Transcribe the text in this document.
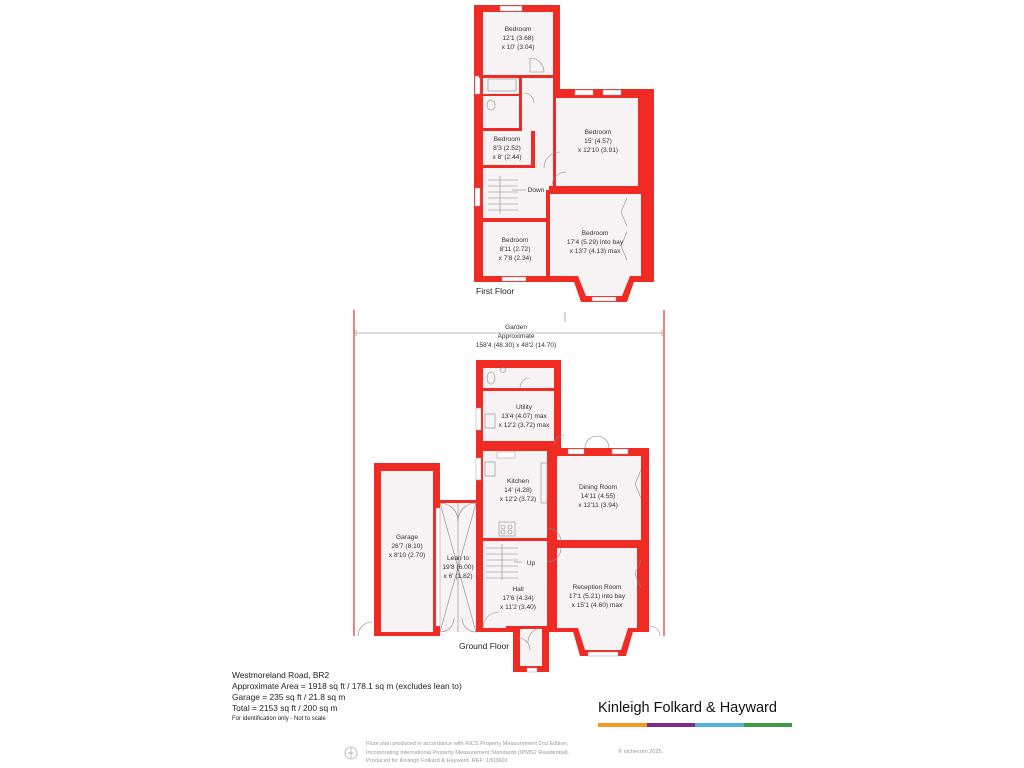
Bedroom
12'1 (3.68)
x 10' (3.04)
Bedroom
15' (4.57)
x 12'10 (3.91)
Bedroom
8'3 (2.52)
x 8' (2.44)
Down
Bedroom
17'4 (5.29) into bay
x 13'7 (4.13) max
Bedroom
8'11 (2.72)
x 7'8 (2.34)
First Floor
Garden
Approximate
158'4 (48.30) x 48'2 (14.70)
Utility
13'4 (4.07) max
x 12'2 (3.72) max
Kitchen
14' (4.28)
x 12'2 (3.72)
Dining Room
14'11 (4.55)
x 12'11 (3.94)
Garage
26'7 (8.10)
x 8'10 (2.70)	Lean to
19'8 (6.00)
x 6' (1.82)
Up
Hall
17'6 (4.34)
x 11'2 (3.40)
Reception Room
17'1 (5.21) into bay
x 15'1 (4.60) max
Ground Floor
Westmoreland Road, BR2
Approximate Area = 1918 sq ft / 178.1 sq m (excludes lean to)
Garage = 235 sq ft / 21.8 sq m
Total = 2153 sq ft / 200 sq m
For identification only - Not to scale
Kinleigh Folkard & Hayward
Floor plan produced in accordance with RICS Property Measurement 2nd Edition,
Incorporating International Property Measurement Standards (IPMS2 Residential).
Produced for Kinleigh Folkard & Hayward. REF: 1303602
© nichecom 2025.
